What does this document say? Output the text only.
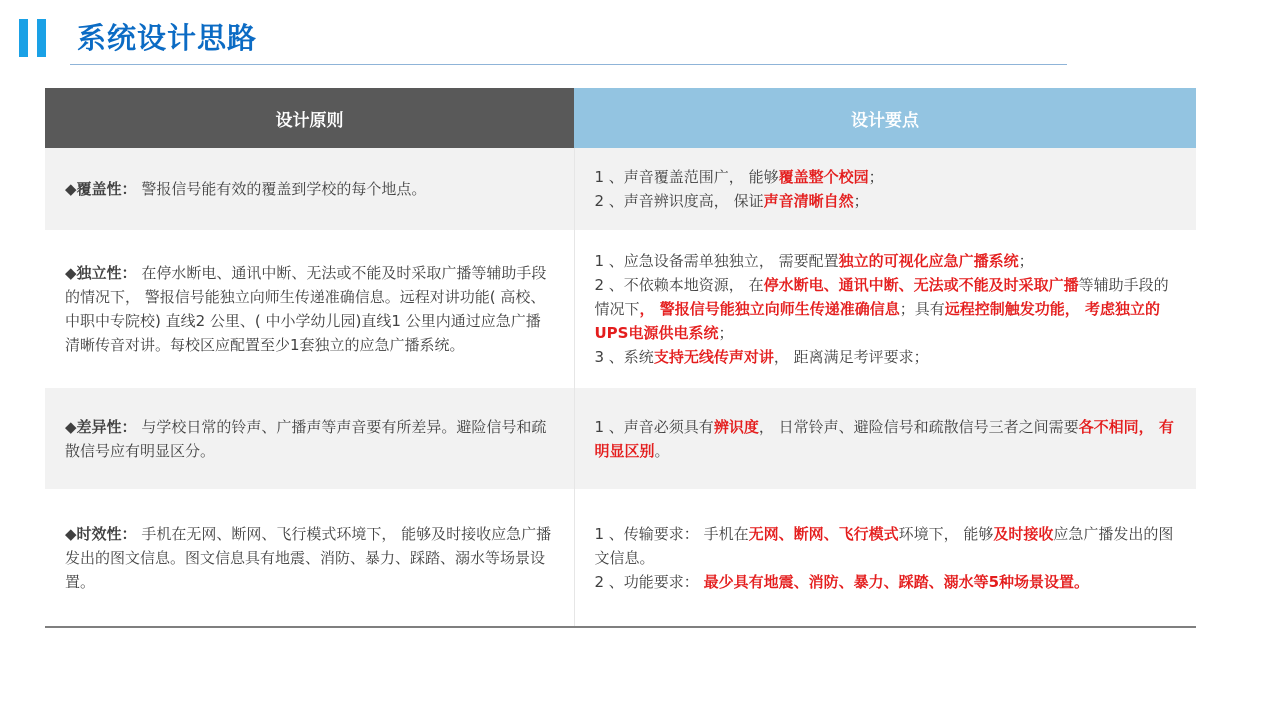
系统设计思路
设计原则	设计要点
◆覆盖性： 警报信号能有效的覆盖到学校的每个地点。	1 、声音覆盖范围广， 能够覆盖整个校园；
2 、声音辨识度高， 保证声音清晰自然；

◆独立性： 在停水断电、通讯中断、无法或不能及时采取广播等辅助手段的情况下， 警报信号能独立向师生传递准确信息。远程对讲功能( 高校、中职中专院校) 直线2 公里、( 中小学幼儿园)直线1 公里内通过应急广播清晰传音对讲。每校区应配置至少1套独立的应急广播系统。	1 、应急设备需单独独立， 需要配置独立的可视化应急广播系统；
2 、不依赖本地资源， 在停水断电、通讯中断、无法或不能及时采取广播等辅助手段的情况下， 警报信号能独立向师生传递准确信息；具有远程控制触发功能， 考虑独立的UPS电源供电系统；
3 、系统支持无线传声对讲， 距离满足考评要求；

◆差异性： 与学校日常的铃声、广播声等声音要有所差异。避险信号和疏散信号应有明显区分。	1 、声音必须具有辨识度， 日常铃声、避险信号和疏散信号三者之间需要各不相同， 有明显区别。

◆时效性： 手机在无网、断网、飞行模式环境下， 能够及时接收应急广播发出的图文信息。图文信息具有地震、消防、暴力、踩踏、溺水等场景设置。	1 、传输要求： 手机在无网、断网、飞行模式环境下， 能够及时接收应急广播发出的图文信息。
2 、功能要求： 最少具有地震、消防、暴力、踩踏、溺水等5种场景设置。
